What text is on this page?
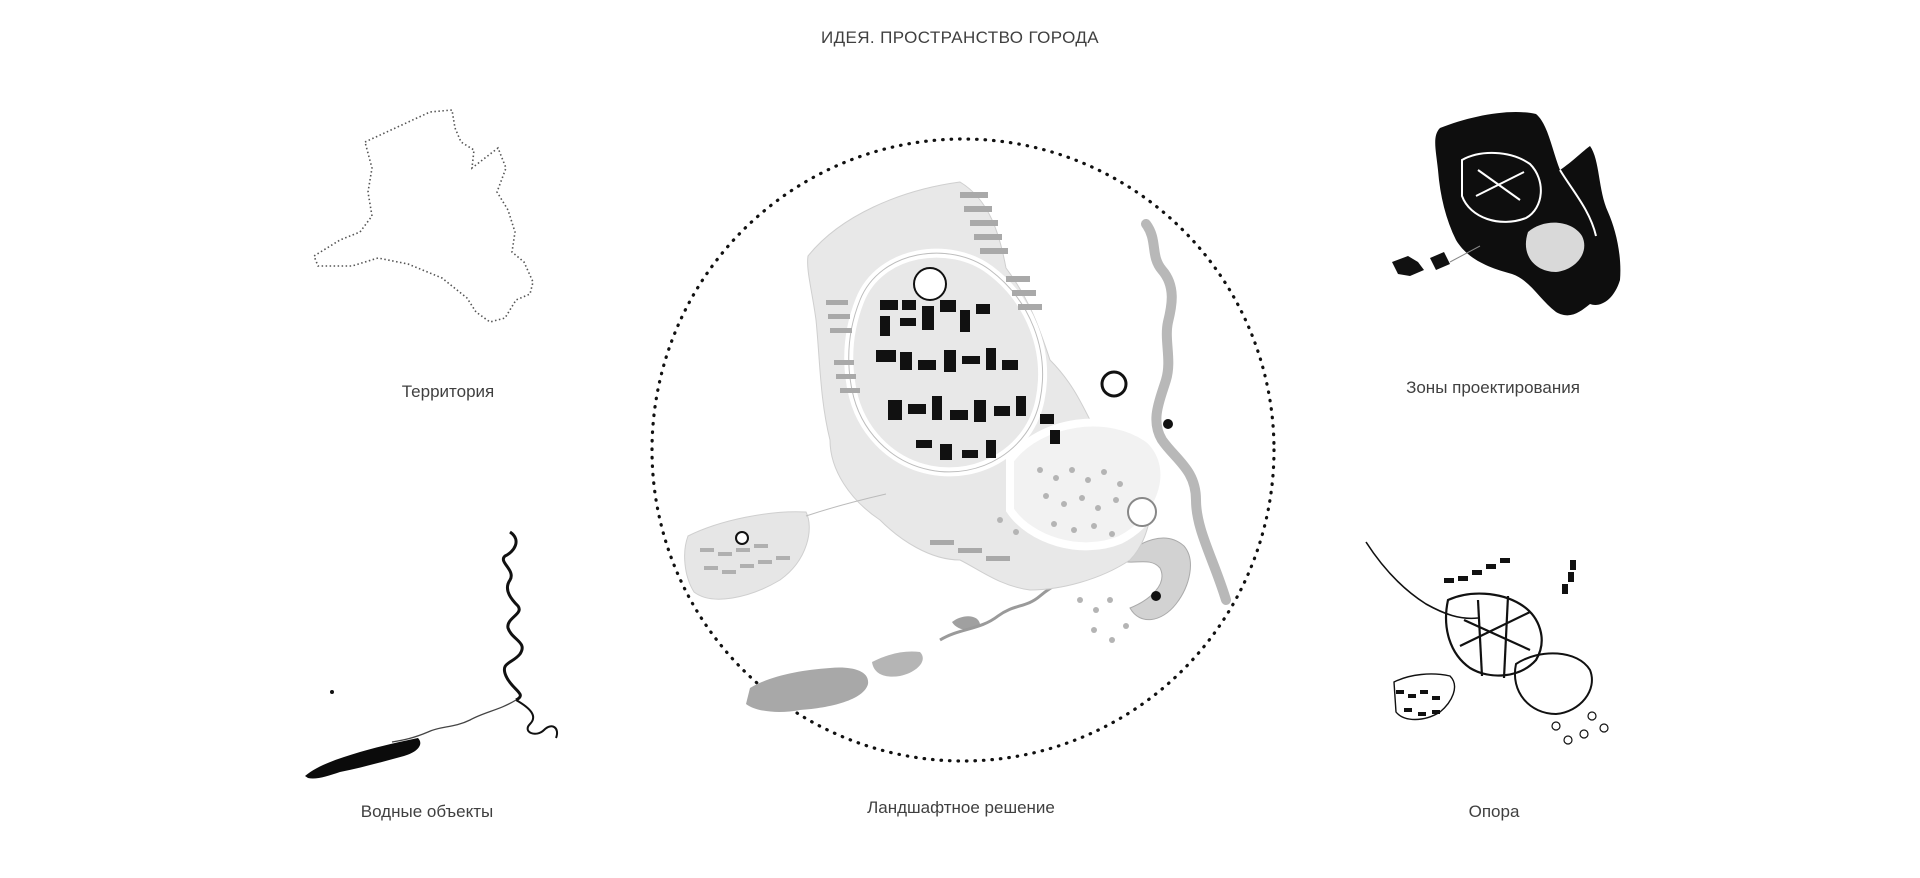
ИДЕЯ. ПРОСТРАНСТВО ГОРОДА
Территория
Водные объекты	Ландшафтное решение
Зоны проектирования
Опора
